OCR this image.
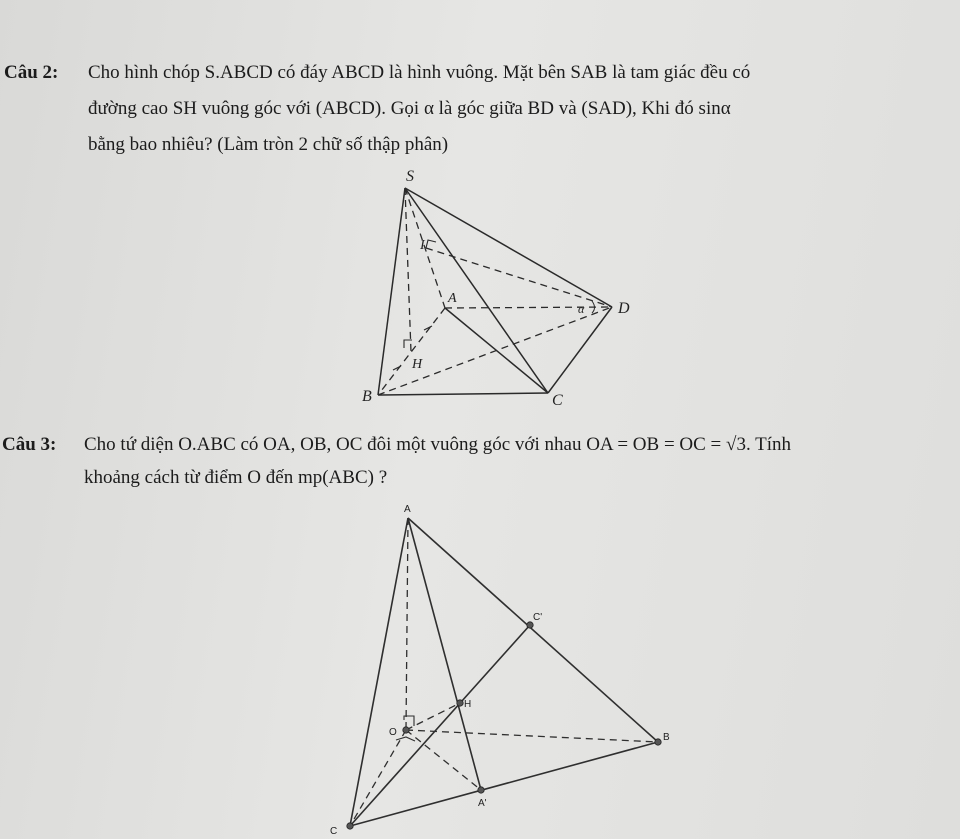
Câu 2: Cho hình chóp S.ABCD có đáy ABCD là hình vuông. Mặt bên SAB là tam giác đều có
đường cao SH vuông góc với (ABCD). Gọi α là góc giữa BD và (SAD), Khi đó sinα
bằng bao nhiêu? (Làm tròn 2 chữ số thập phân)
S
I
A
α D
H
B	C
Câu 3: Cho tứ diện O.ABC có OA, OB, OC đôi một vuông góc với nhau OA = OB = OC = √3. Tính
khoảng cách từ điểm O đến mp(ABC) ?
A
C'
H
O	B
A'
C
